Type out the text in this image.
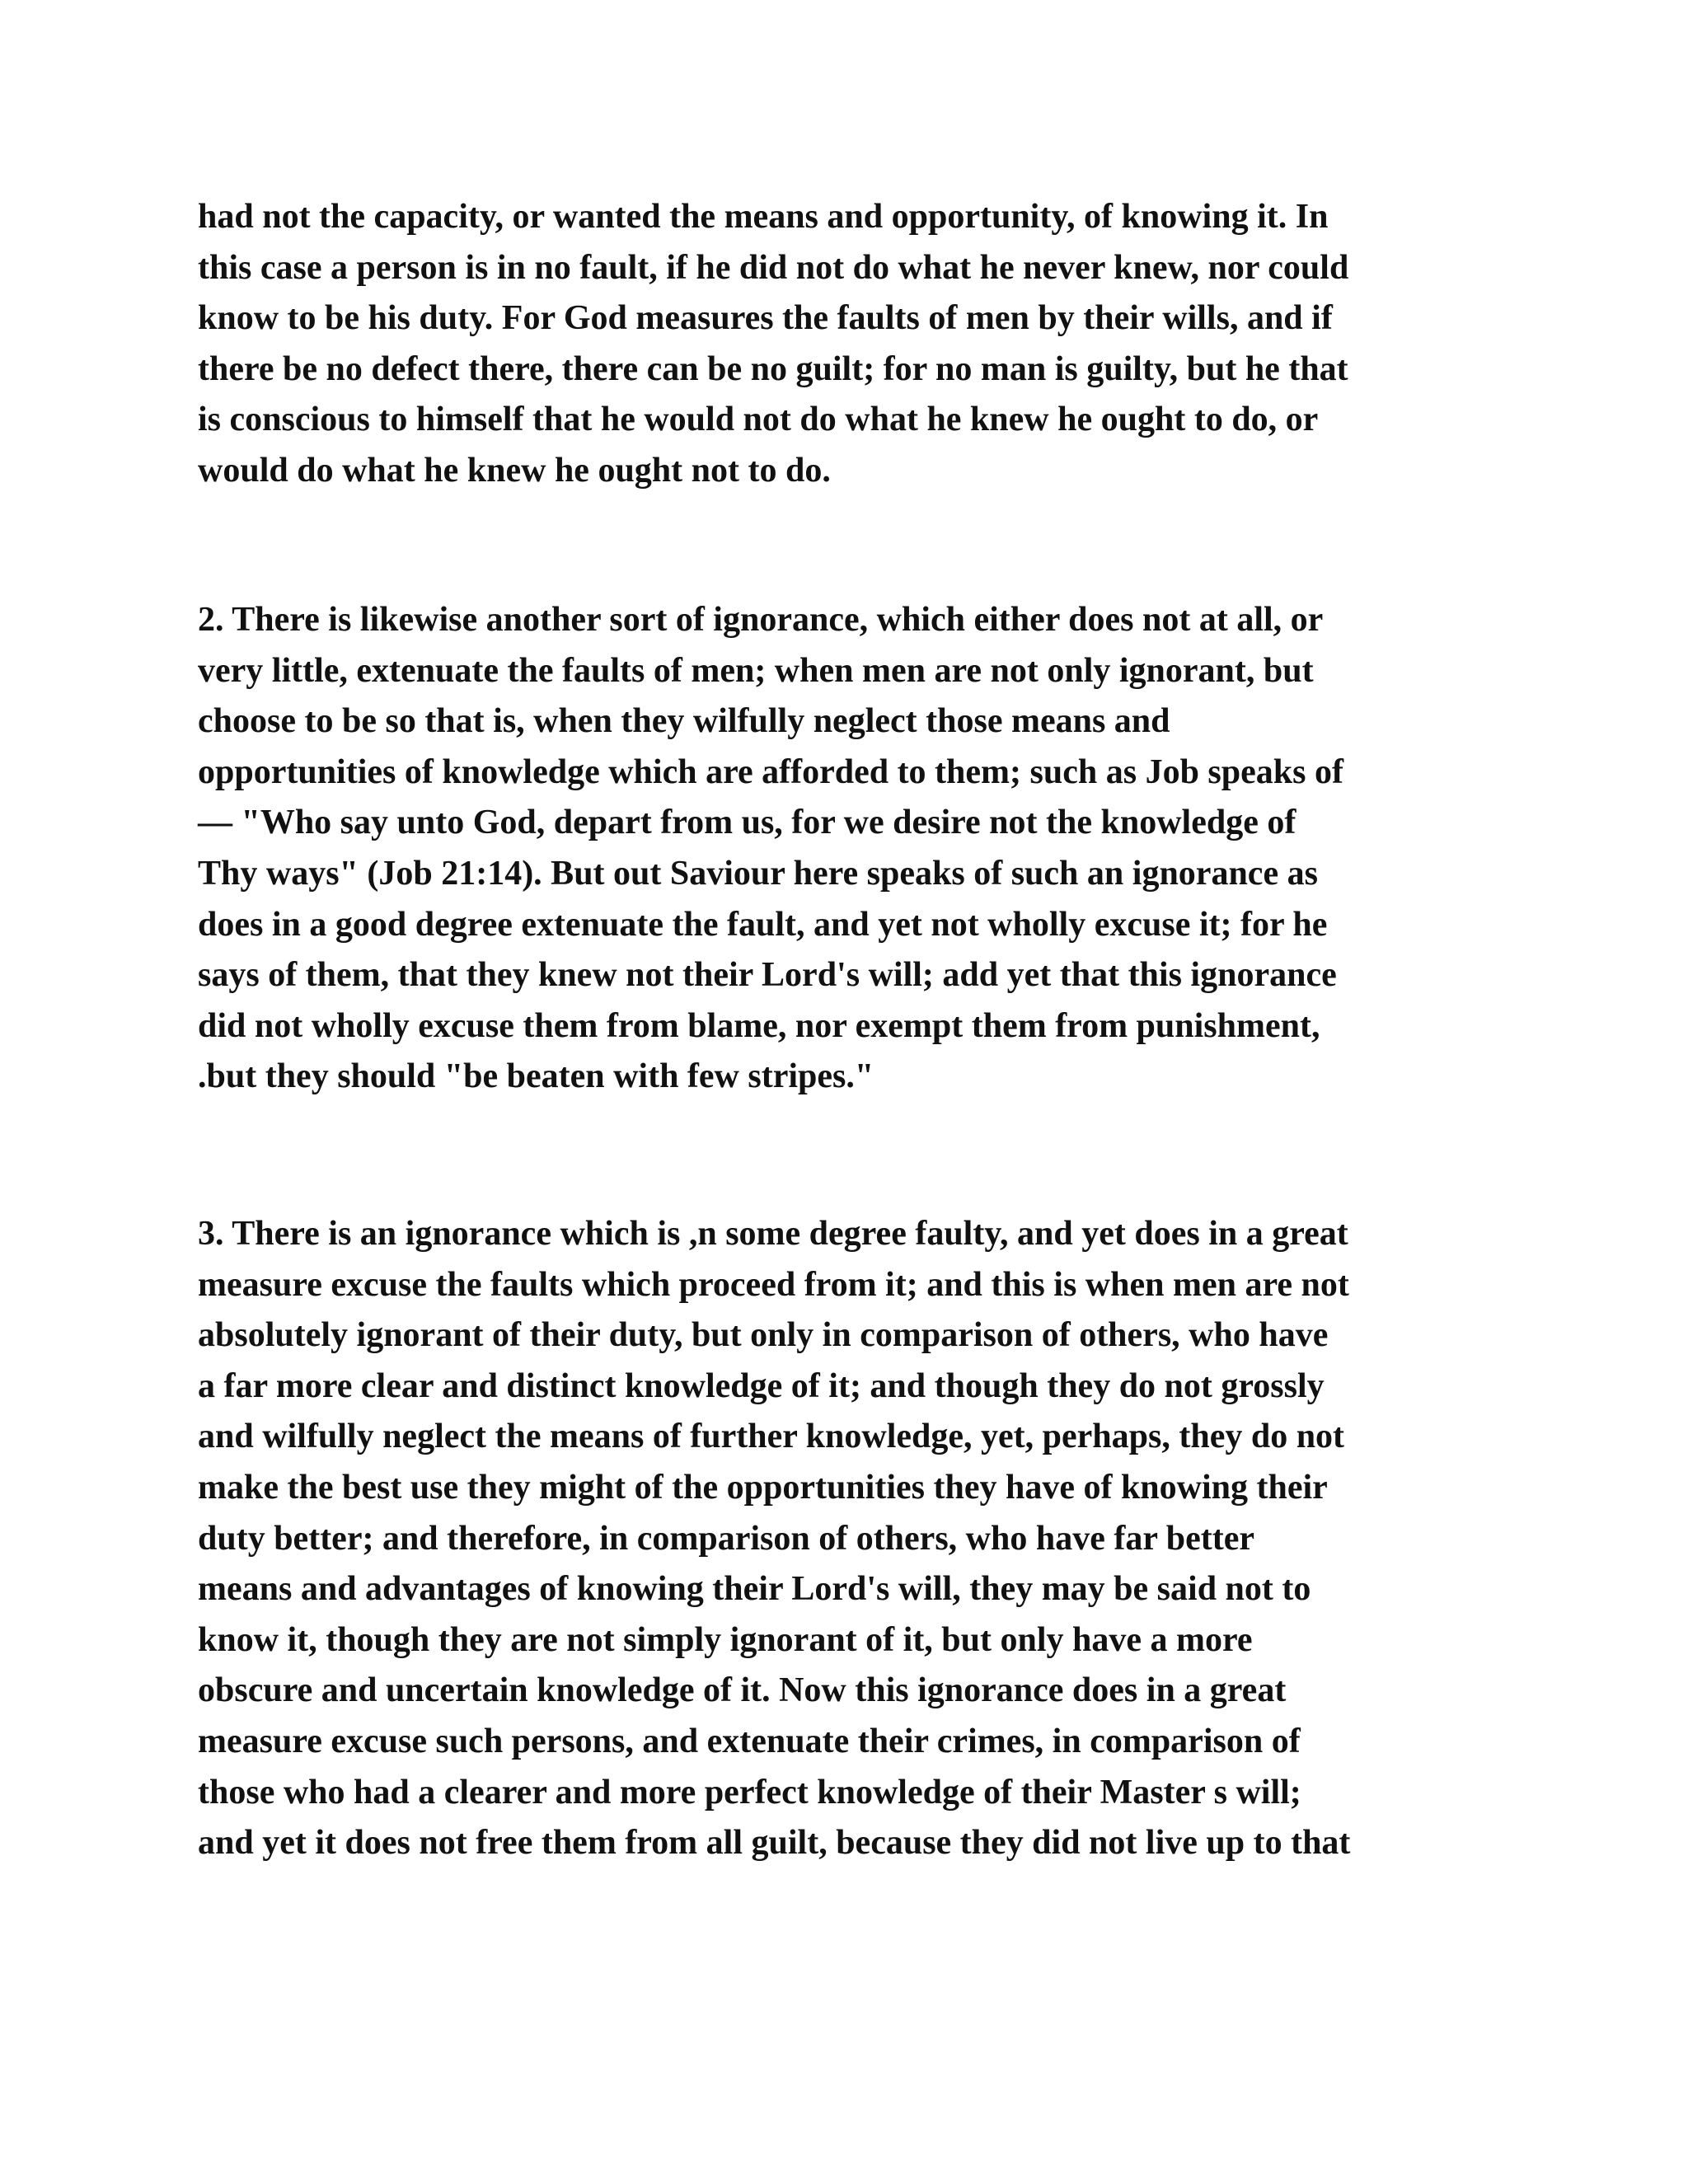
had not the capacity, or wanted the means and opportunity, of knowing it. In
this case a person is in no fault, if he did not do what he never knew, nor could
know to be his duty. For God measures the faults of men by their wills, and if
there be no defect there, there can be no guilt; for no man is guilty, but he that
is conscious to himself that he would not do what he knew he ought to do, or
would do what he knew he ought not to do.

2. There is likewise another sort of ignorance, which either does not at all, or
very little, extenuate the faults of men; when men are not only ignorant, but
choose to be so that is, when they wilfully neglect those means and
opportunities of knowledge which are afforded to them; such as Job speaks of
— "Who say unto God, depart from us, for we desire not the knowledge of
Thy ways" (Job 21:14). But out Saviour here speaks of such an ignorance as
does in a good degree extenuate the fault, and yet not wholly excuse it; for he
says of them, that they knew not their Lord's will; add yet that this ignorance
did not wholly excuse them from blame, nor exempt them from punishment,
.but they should "be beaten with few stripes."

3. There is an ignorance which is ,n some degree faulty, and yet does in a great
measure excuse the faults which proceed from it; and this is when men are not
absolutely ignorant of their duty, but only in comparison of others, who have
a far more clear and distinct knowledge of it; and though they do not grossly
and wilfully neglect the means of further knowledge, yet, perhaps, they do not
make the best use they might of the opportunities they have of knowing their
duty better; and therefore, in comparison of others, who have far better
means and advantages of knowing their Lord's will, they may be said not to
know it, though they are not simply ignorant of it, but only have a more
obscure and uncertain knowledge of it. Now this ignorance does in a great
measure excuse such persons, and extenuate their crimes, in comparison of
those who had a clearer and more perfect knowledge of their Master s will;
and yet it does not free them from all guilt, because they did not live up to that
